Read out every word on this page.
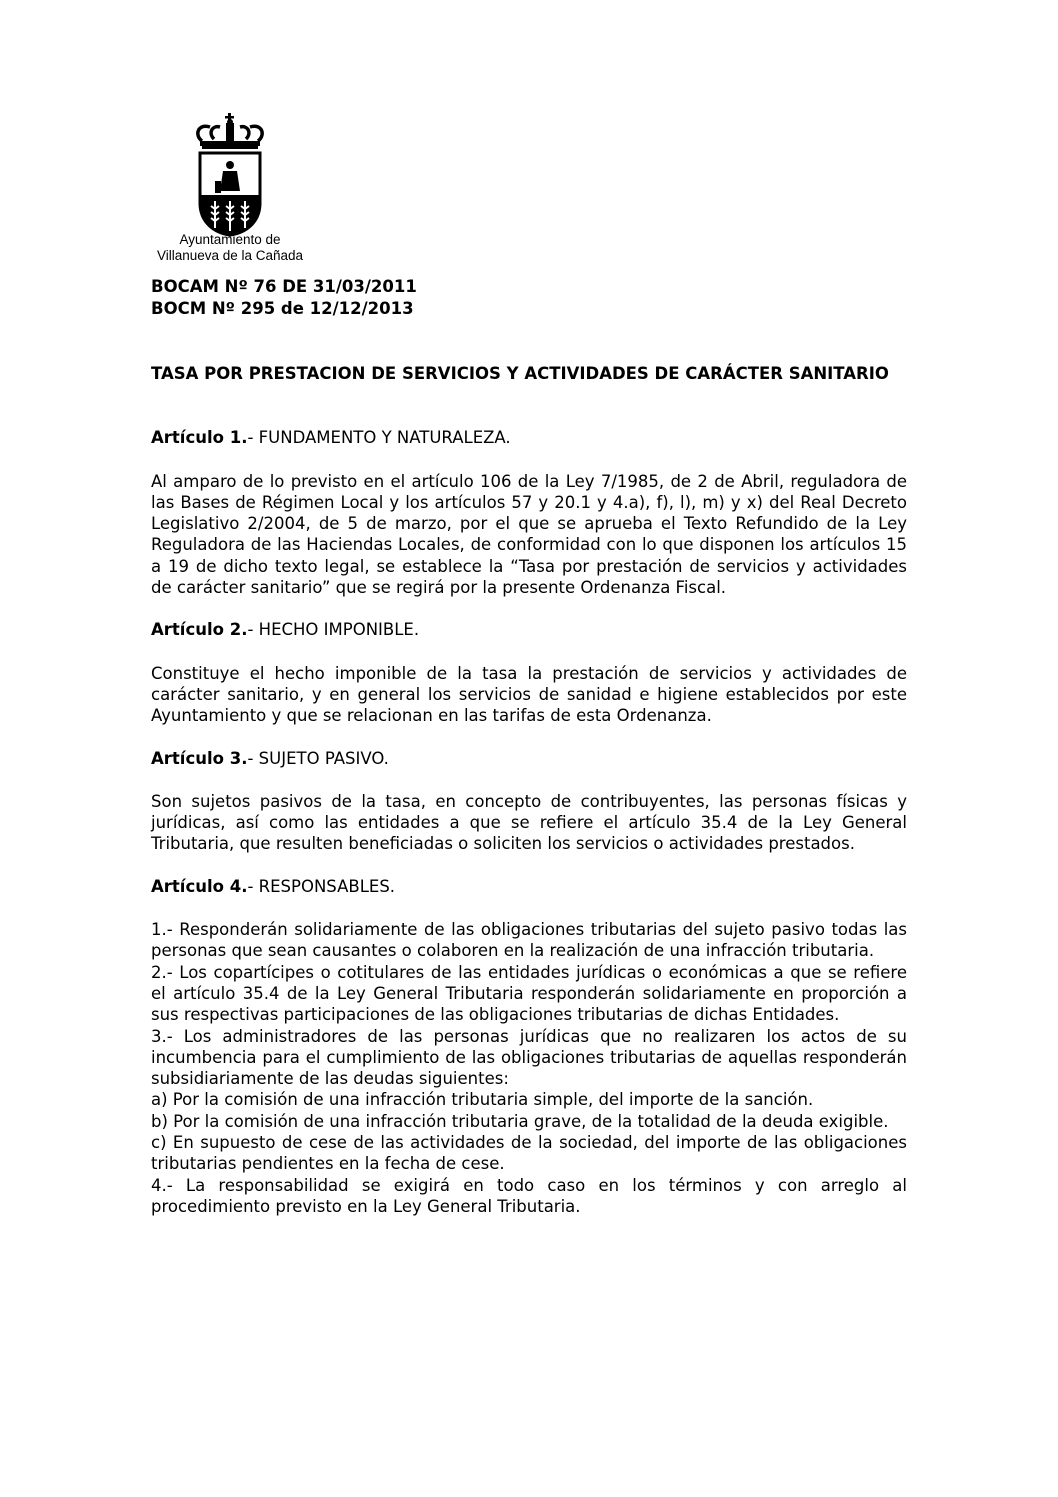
Ayuntamiento de
Villanueva de la Cañada
BOCAM Nº 76 DE 31/03/2011
BOCM Nº 295 de 12/12/2013
TASA POR PRESTACION DE SERVICIOS Y ACTIVIDADES DE CARÁCTER SANITARIO
Artículo 1.- FUNDAMENTO Y NATURALEZA.
Al amparo de lo previsto en el artículo 106 de la Ley 7/1985, de 2 de Abril, reguladora de las Bases de Régimen Local y los artículos 57 y 20.1 y 4.a), f), l), m) y x) del Real Decreto Legislativo 2/2004, de 5 de marzo, por el que se aprueba el Texto Refundido de la Ley Reguladora de las Haciendas Locales, de conformidad con lo que disponen los artículos 15 a 19 de dicho texto legal, se establece la “Tasa por prestación de servicios y actividades de carácter sanitario” que se regirá por la presente Ordenanza Fiscal.
Artículo 2.- HECHO IMPONIBLE.
Constituye el hecho imponible de la tasa la prestación de servicios y actividades de carácter sanitario, y en general los servicios de sanidad e higiene establecidos por este Ayuntamiento y que se relacionan en las tarifas de esta Ordenanza.
Artículo 3.- SUJETO PASIVO.
Son sujetos pasivos de la tasa, en concepto de contribuyentes, las personas físicas y jurídicas, así como las entidades a que se refiere el artículo 35.4 de la Ley General Tributaria, que resulten beneficiadas o soliciten los servicios o actividades prestados.
Artículo 4.- RESPONSABLES.
1.- Responderán solidariamente de las obligaciones tributarias del sujeto pasivo todas las personas que sean causantes o colaboren en la realización de una infracción tributaria.
2.- Los copartícipes o cotitulares de las entidades jurídicas o económicas a que se refiere el artículo 35.4 de la Ley General Tributaria responderán solidariamente en proporción a sus respectivas participaciones de las obligaciones tributarias de dichas Entidades.
3.- Los administradores de las personas jurídicas que no realizaren los actos de su incumbencia para el cumplimiento de las obligaciones tributarias de aquellas responderán subsidiariamente de las deudas siguientes:
a) Por la comisión de una infracción tributaria simple, del importe de la sanción.
b) Por la comisión de una infracción tributaria grave, de la totalidad de la deuda exigible.
c) En supuesto de cese de las actividades de la sociedad, del importe de las obligaciones tributarias pendientes en la fecha de cese.
4.- La responsabilidad se exigirá en todo caso en los términos y con arreglo al procedimiento previsto en la Ley General Tributaria.
